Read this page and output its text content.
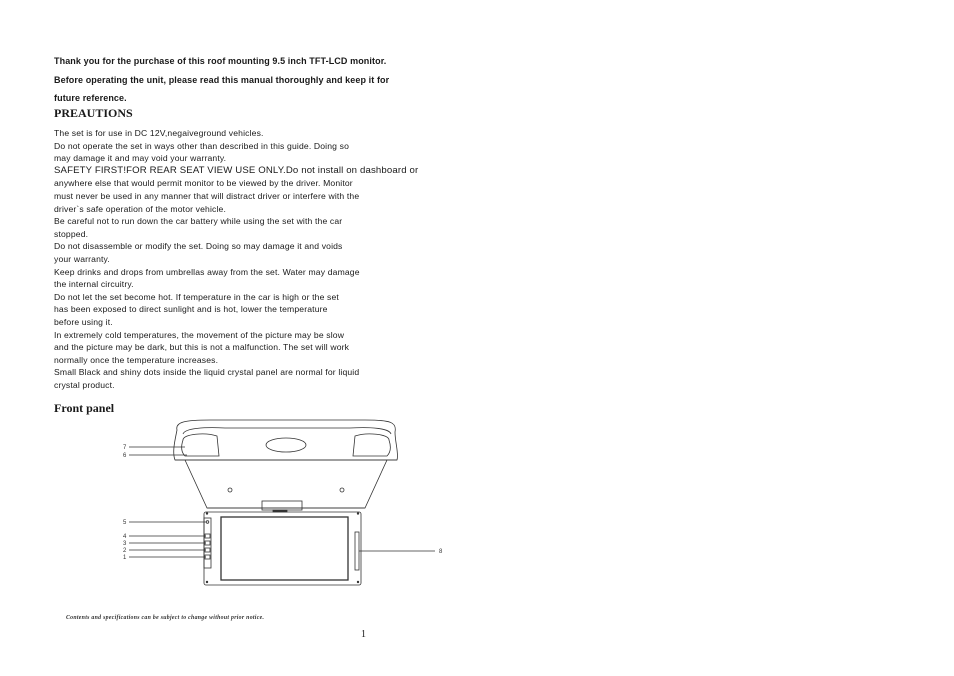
Thank you for the purchase of this roof mounting 9.5 inch TFT-LCD monitor.
Before operating the unit, please read this manual thoroughly and keep it for
future reference.
PREAUTIONS
The set is for use in DC 12V,negaiveground vehicles.
Do not operate the set in ways other than described in this guide. Doing so
may damage it and may void your warranty.
SAFETY FIRST!FOR REAR SEAT VIEW USE ONLY.Do not install on dashboard or
anywhere else that would permit monitor to be viewed by the driver. Monitor
must never be used in any manner that will distract driver or interfere with the
driver`s safe operation of the motor vehicle.
Be careful not to run down the car battery while using the set with the car
stopped.
Do not disassemble or modify the set. Doing so may damage it and voids
your warranty.
Keep drinks and drops from umbrellas away from the set. Water may damage
the internal circuitry.
Do not let the set become hot. If temperature in the car is high or the set
has been exposed to direct sunlight and is hot, lower the temperature
before using it.
In extremely cold temperatures, the movement of the picture may be slow
and the picture may be dark, but this is not a malfunction. The set will work
normally once the temperature increases.
Small Black and shiny dots inside the liquid crystal panel are normal for liquid
crystal product.
Front panel
7
6
5
4
3
2
1
8
Contents and specifications can be subject to change without prior notice.
1
